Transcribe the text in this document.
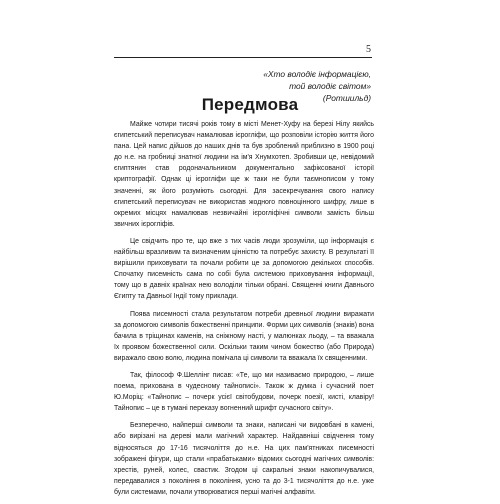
5
«Хто володіє інформацією,
той володіє світом»
(Ротшильд)
Передмова

Майже чотири тисячі років тому в місті Менет-Хуфу на березі Нілу якийсь єгипетський переписувач намалював ієрогліфи, що розповіли історію життя його пана. Цей напис дійшов до наших днів та був зроблений приблизно в 1900 році до н.е. на гробниці знатної людини на ім'я Хнумхотеп. Зробивши це, невідомий єгиптянин став родоначальником документально зафіксованої історії криптографії. Однак ці ієрогліфи ще ж таки не були таємнописом у тому значенні, як його розуміють сьогодні. Для засекречування свого напису єгипетський переписувач не використав жодного повноцінного шифру, лише в окремих місцях намалював незвичайні ієрогліфічні символи замість більш звичних ієрогліфів.

Це свідчить про те, що вже з тих часів люди зрозуміли, що інформація є найбільш вразливим та визначеним цінністю та потребує захисту. В результаті її вирішили приховувати та почали робити це за допомогою декількох способів. Спочатку писемність сама по собі була системою приховування інформації, тому що в давніх країнах нею володіли тільки обрані. Священні книги Давнього Єгипту та Давньої Індії тому приклади.

Поява писемності стала результатом потреби древньої людини виражати за допомогою символів божественні принципи. Форми цих символів (знаків) вона бачила в тріщинах каменів, на сніжному насті, у малюнках льоду, – та вважала їх проявом божественної сили. Оскільки таким чином божество (або Природа) виражало свою волю, людина помічала ці символи та вважала їх священними.

Так, філософ Ф.Шеллінг писав: «Те, що ми називаємо природою, – лише поема, прихована в чудесному тайнописі». Також ж думка і сучасний поет Ю.Моріц: «Тайнопис – почерк усієї світобудови, почерк поезії, кисті, клавіру! Тайнопис – це в тумані переказу вогненний шрифт сучасного світу».

Безперечно, найперші символи та знаки, написані чи видовбані в камені, або вирізані на дереві мали магічний характер. Найдавніші свідчення тому відносяться до 17-16 тисячоліття до н.е. На цих пам'ятниках писемності зображені фігури, що стали «прабатьками» відомих сьогодні магічних символів: хрестів, руней, колес, свастик. Згодом ці сакральні знаки накопичувалися, передавалися з покоління в покоління, усно та до 3-1 тисячоліття до н.е. уже були системами, почали утворюватися перші магічні алфавіти.
